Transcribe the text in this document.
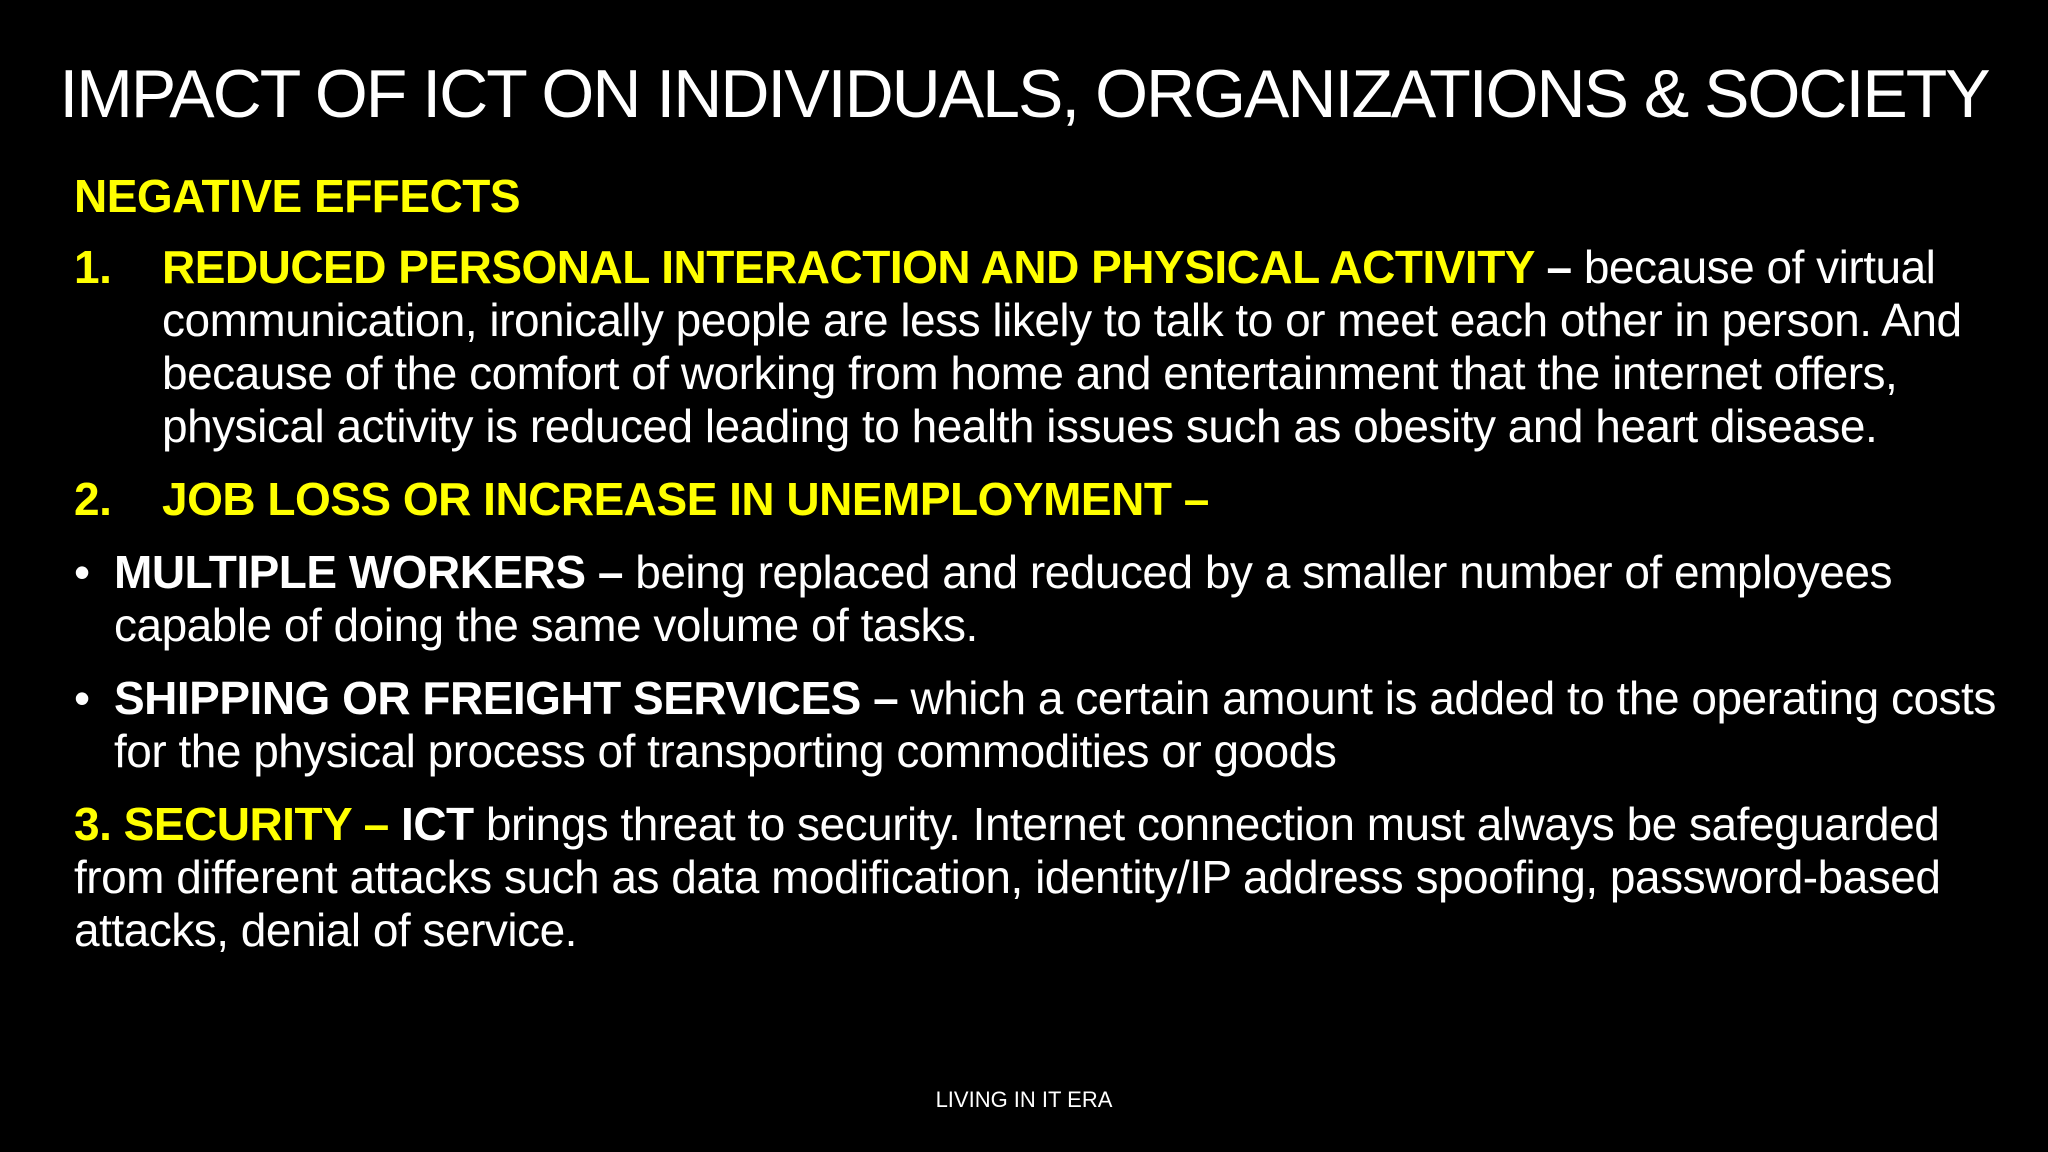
IMPACT OF ICT ON INDIVIDUALS, ORGANIZATIONS & SOCIETY
NEGATIVE EFFECTS
1. REDUCED PERSONAL INTERACTION AND PHYSICAL ACTIVITY – because of virtual communication, ironically people are less likely to talk to or meet each other in person. And because of the comfort of working from home and entertainment that the internet offers, physical activity is reduced leading to health issues such as obesity and heart disease.
2. JOB LOSS OR INCREASE IN UNEMPLOYMENT –
• MULTIPLE WORKERS – being replaced and reduced by a smaller number of employees capable of doing the same volume of tasks.
• SHIPPING OR FREIGHT SERVICES – which a certain amount is added to the operating costs for the physical process of transporting commodities or goods
3. SECURITY – ICT brings threat to security. Internet connection must always be safeguarded from different attacks such as data modification, identity/IP address spoofing, password-based attacks, denial of service.
LIVING IN IT ERA
